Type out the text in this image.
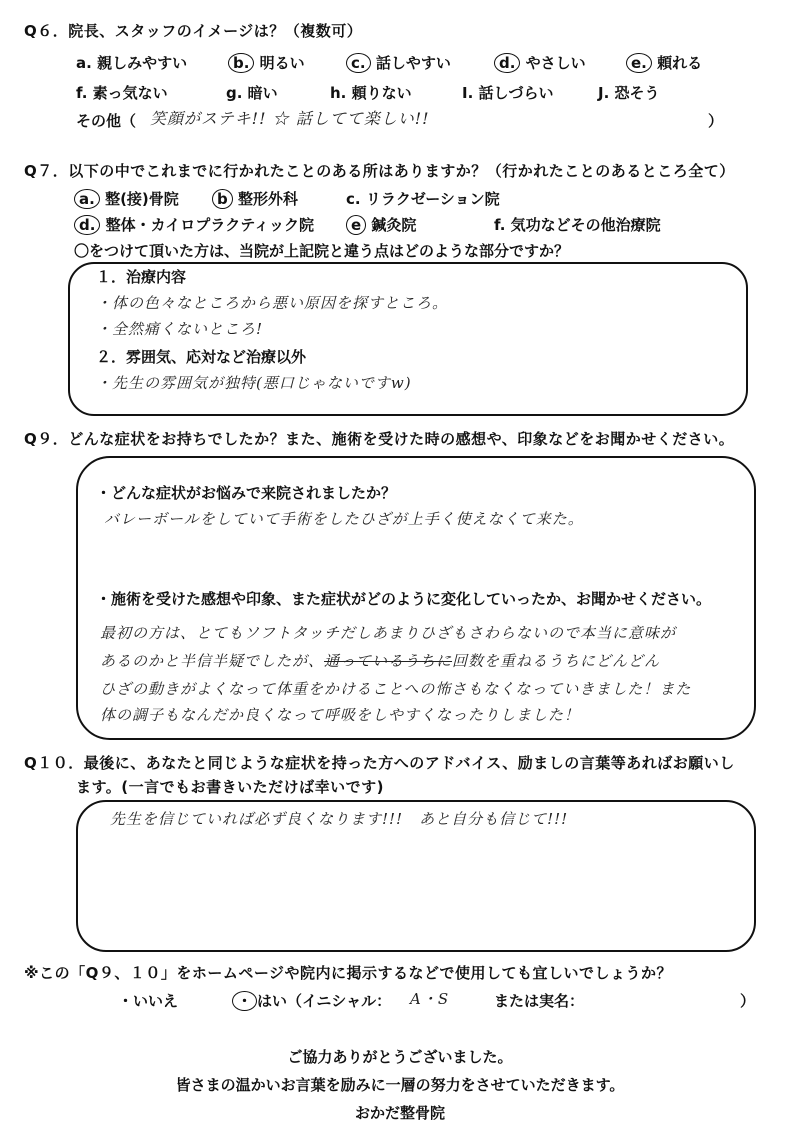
Q６．院長、スタッフのイメージは？（複数可）
a. 親しみやすい	b. 明るい	c. 話しやすい	d. やさしい	e. 頼れる
f. 素っ気ない	g. 暗い	h. 頼りない	I. 話しづらい	J. 恐そう
その他（ 笑顔がステキ!! ☆ 話してて楽しい!!	）
Q７．以下の中でこれまでに行かれたことのある所はありますか？（行かれたことのあるところ全て）
a. 整(接)骨院	b 整形外科	c. リラクゼーション院
d. 整体・カイロプラクティック院	e 鍼灸院	f. 気功などその他治療院
〇をつけて頂いた方は、当院が上記院と違う点はどのような部分ですか？
１．治療内容
・体の色々なところから悪い原因を探すところ。
・全然痛くないところ!
２．雰囲気、応対など治療以外
・先生の雰囲気が独特(悪口じゃないですw)
Q９．どんな症状をお持ちでしたか？また、施術を受けた時の感想や、印象などをお聞かせください。
・どんな症状がお悩みで来院されましたか？
バレーボールをしていて手術をしたひざが上手く使えなくて来た。
・施術を受けた感想や印象、また症状がどのように変化していったか、お聞かせください。
最初の方は、とてもソフトタッチだしあまりひざもさわらないので本当に意味が
あるのかと半信半疑でしたが、通っているうちに回数を重ねるうちにどんどん
ひざの動きがよくなって体重をかけることへの怖さもなくなっていきました！また
体の調子もなんだか良くなって呼吸をしやすくなったりしました！
Q１０．最後に、あなたと同じような症状を持った方へのアドバイス、励ましの言葉等あればお願いし
ます。(一言でもお書きいただけば幸いです)
先生を信じていれば必ず良くなります!!!　あと自分も信じて!!!
※この「Q９、１０」をホームページや院内に掲示するなどで使用しても宜しいでしょうか？
・いいえ	・ はい（イニシャル： A・S	または実名：	）
ご協力ありがとうございました。
皆さまの温かいお言葉を励みに一層の努力をさせていただきます。
おかだ整骨院
